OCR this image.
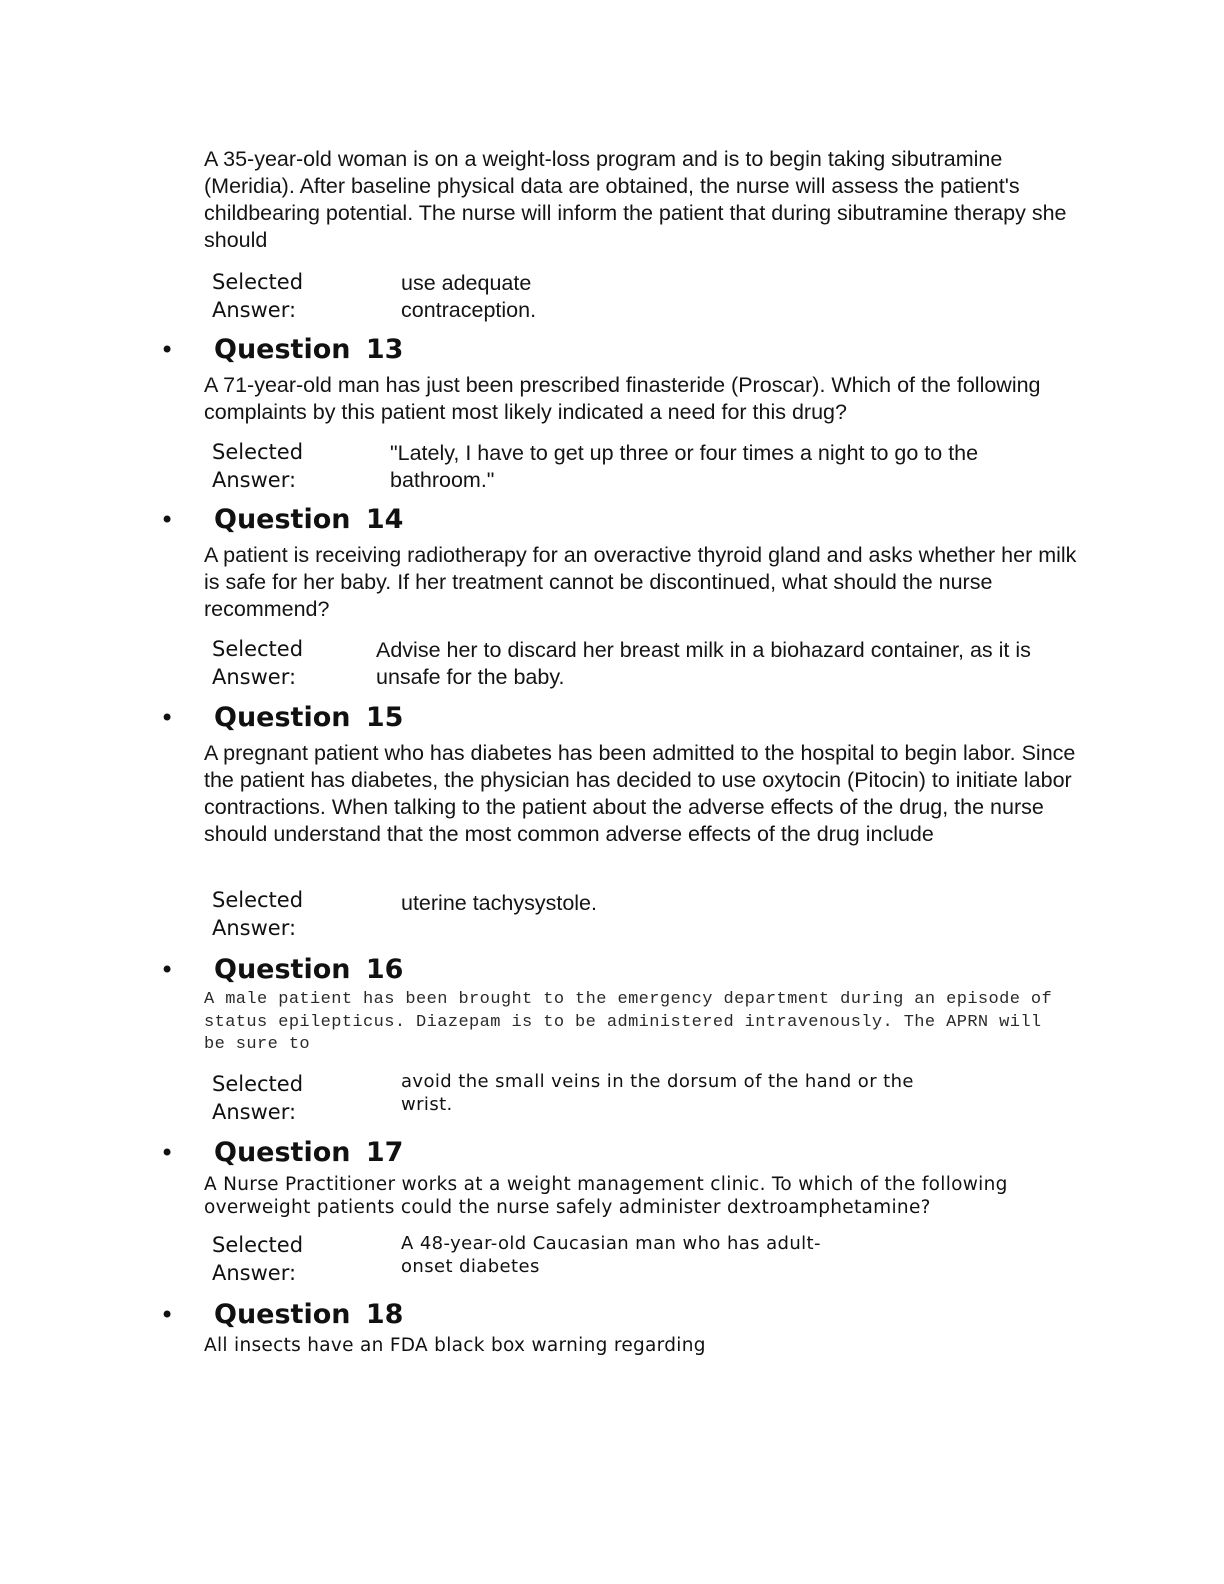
A 35-year-old woman is on a weight-loss program and is to begin taking sibutramine (Meridia). After baseline physical data are obtained, the nurse will assess the patient's childbearing potential. The nurse will inform the patient that during sibutramine therapy she should

Selected Answer:

use adequate contraception.

• Question 13

A 71-year-old man has just been prescribed finasteride (Proscar). Which of the following complaints by this patient most likely indicated a need for this drug?

Selected Answer:

"Lately, I have to get up three or four times a night to go to the bathroom."

• Question 14

A patient is receiving radiotherapy for an overactive thyroid gland and asks whether her milk is safe for her baby. If her treatment cannot be discontinued, what should the nurse recommend?

Selected Answer:

Advise her to discard her breast milk in a biohazard container, as it is unsafe for the baby.

• Question 15

A pregnant patient who has diabetes has been admitted to the hospital to begin labor. Since the patient has diabetes, the physician has decided to use oxytocin (Pitocin) to initiate labor contractions. When talking to the patient about the adverse effects of the drug, the nurse should understand that the most common adverse effects of the drug include

Selected Answer:

uterine tachysystole.

• Question 16

A male patient has been brought to the emergency department during an episode of status epilepticus. Diazepam is to be administered intravenously. The APRN will be sure to

Selected Answer:

avoid the small veins in the dorsum of the hand or the wrist.

• Question 17

A Nurse Practitioner works at a weight management clinic. To which of the following overweight patients could the nurse safely administer dextroamphetamine?

Selected Answer:

A 48-year-old Caucasian man who has adult-onset diabetes

• Question 18

All insects have an FDA black box warning regarding
